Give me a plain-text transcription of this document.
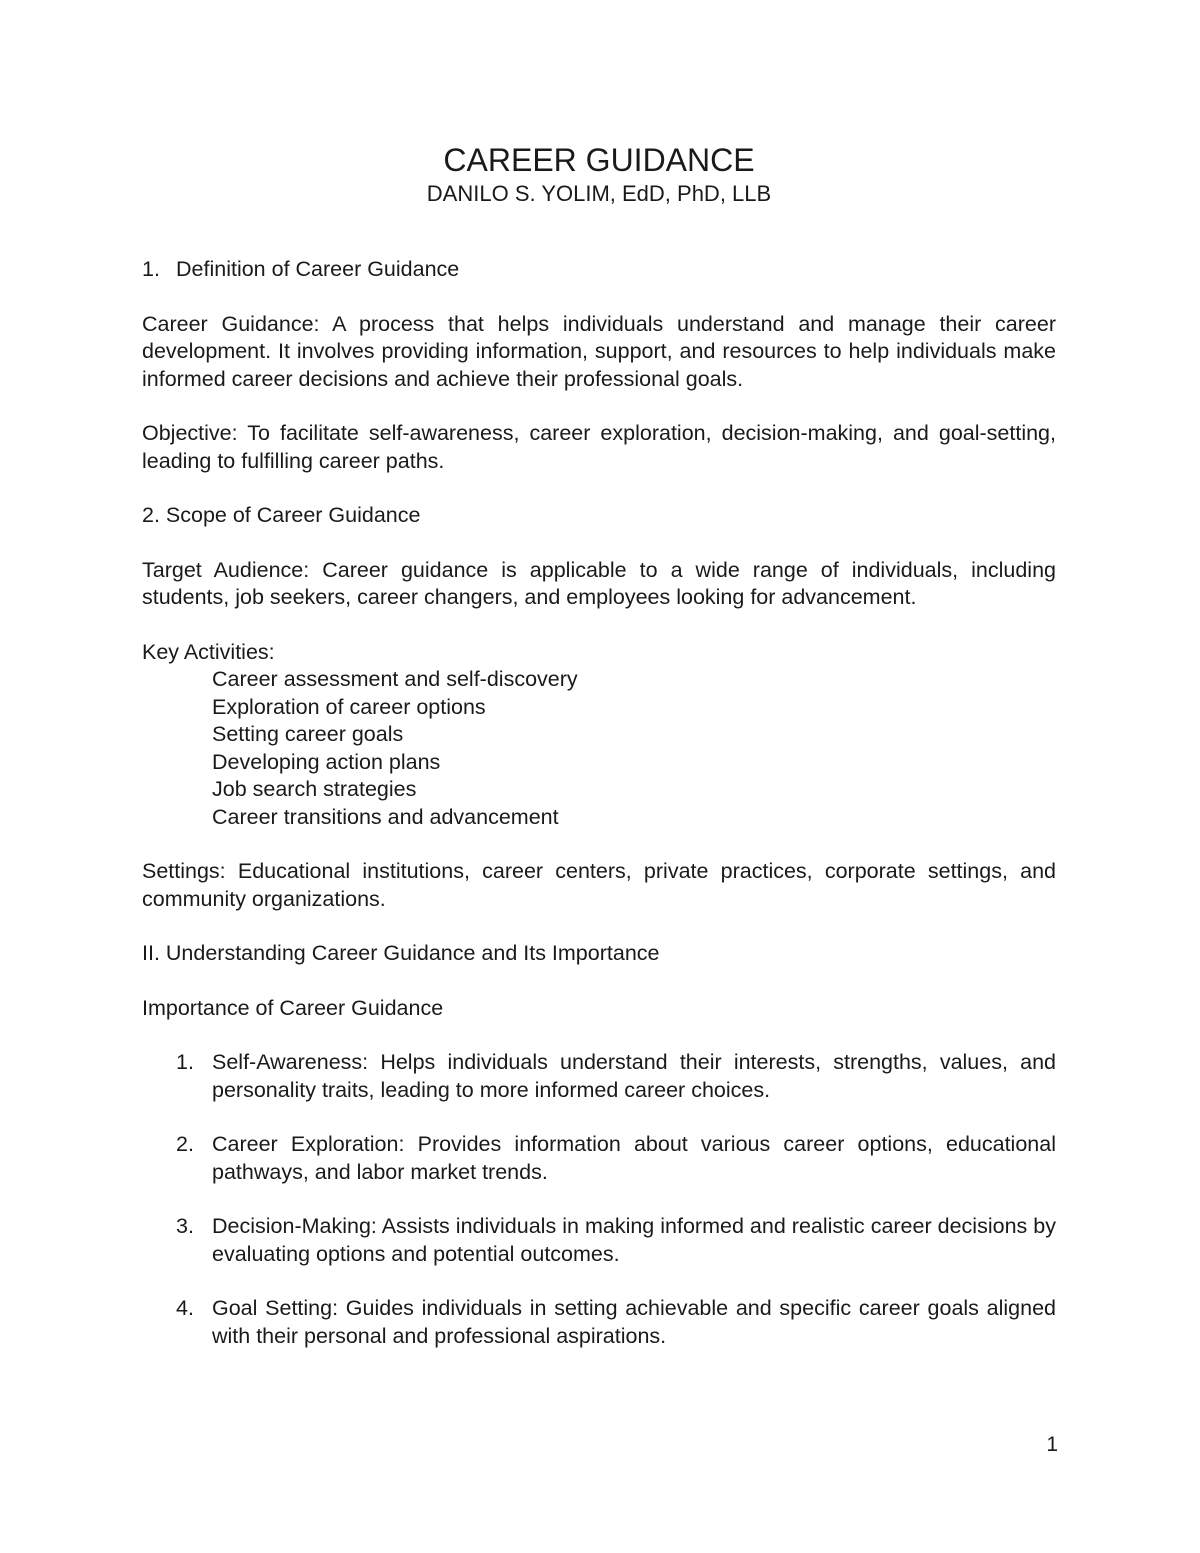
CAREER GUIDANCE
DANILO S. YOLIM, EdD, PhD, LLB
1. Definition of Career Guidance

Career Guidance: A process that helps individuals understand and manage their career development. It involves providing information, support, and resources to help individuals make informed career decisions and achieve their professional goals.

Objective: To facilitate self-awareness, career exploration, decision-making, and goal-setting, leading to fulfilling career paths.

2. Scope of Career Guidance

Target Audience: Career guidance is applicable to a wide range of individuals, including students, job seekers, career changers, and employees looking for advancement.

Key Activities:

Career assessment and self-discovery
Exploration of career options
Setting career goals
Developing action plans
Job search strategies
Career transitions and advancement

Settings: Educational institutions, career centers, private practices, corporate settings, and community organizations.

II. Understanding Career Guidance and Its Importance

Importance of Career Guidance

1. Self-Awareness: Helps individuals understand their interests, strengths, values, and personality traits, leading to more informed career choices.
2. Career Exploration: Provides information about various career options, educational pathways, and labor market trends.
3. Decision-Making: Assists individuals in making informed and realistic career decisions by evaluating options and potential outcomes.
4. Goal Setting: Guides individuals in setting achievable and specific career goals aligned with their personal and professional aspirations.
1
